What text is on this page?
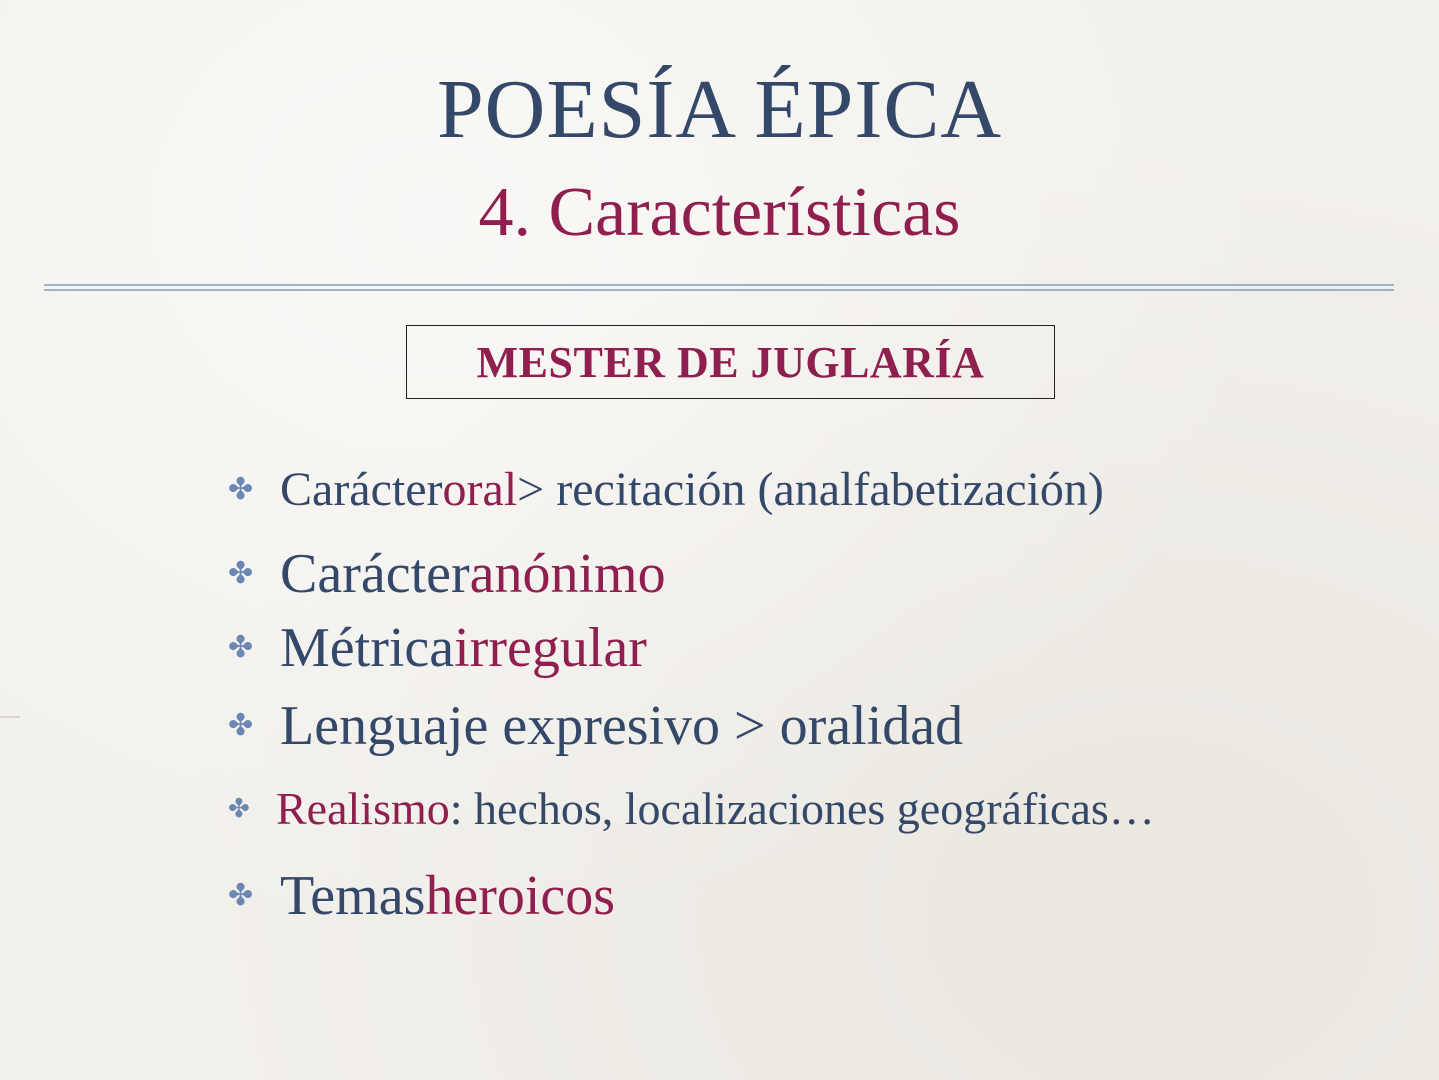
POESÍA ÉPICA
4. Características
MESTER DE JUGLARÍA
✤ Carácter oral > recitación (analfabetización)
✤ Carácter anónimo
✤ Métrica irregular
✤ Lenguaje expresivo > oralidad
✤ Realismo : hechos, localizaciones geográficas…
✤ Temas heroicos
